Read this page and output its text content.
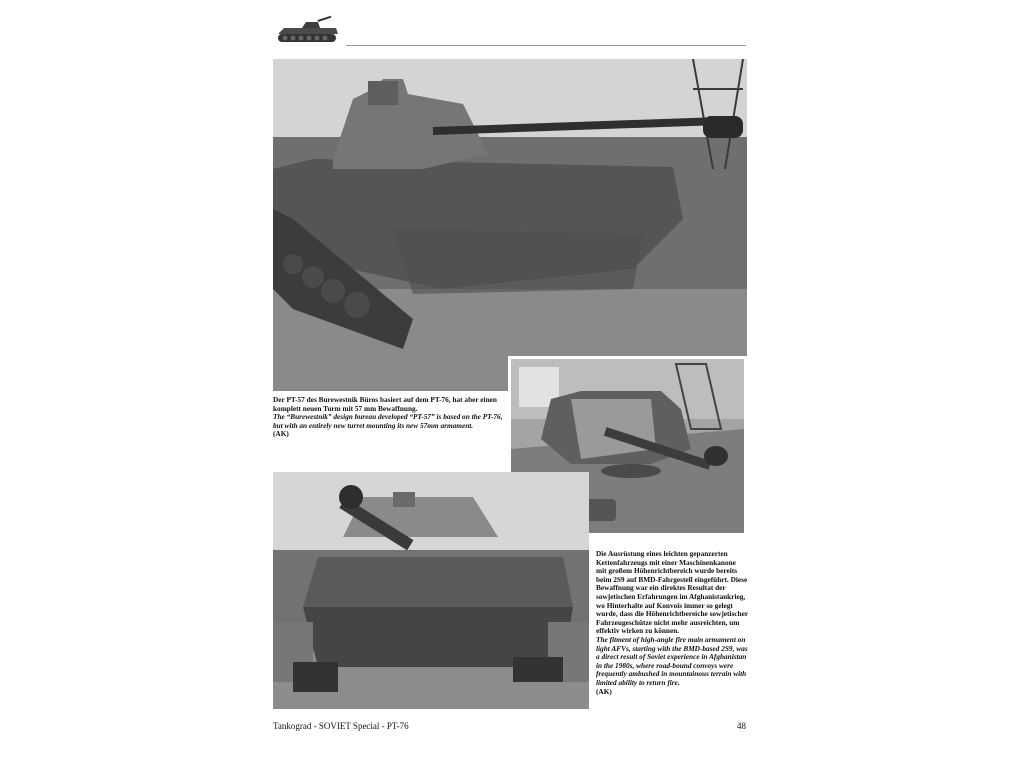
Der PT-57 des Burewestnik Büros basiert auf dem PT-76, hat aber einen komplett neuen Turm mit 57 mm Bewaffnung.

The “Burewestnik” design bureau developed “PT-57” is based on the PT-76, but with an entirely new turret mounting its new 57mm armament.

(AK)

Die Ausrüstung eines leichten gepanzerten Kettenfahrzeugs mit einer Maschinenkanone mit großem Höhenrichtbereich wurde bereits beim 2S9 auf BMD-Fahrgestell eingeführt. Diese Bewaffnung war ein direktes Resultat der sowjetischen Erfahrungen im Afghanistankrieg, wo Hinterhalte auf Konvois immer so gelegt wurde, dass die Höhenrichtbereiche sowjetischer Fahrzeugeschütze nicht mehr ausreichten, um effektiv wirken zu können.

The fitment of high-angle fire main armament on light AFVs, starting with the BMD-based 2S9, was a direct result of Soviet experience in Afghanistan in the 1980s, where road-bound convoys were frequently ambushed in mountainous terrain with limited ability to return fire.

(AK)

Tankograd - SOVIET Special - PT-76	48
